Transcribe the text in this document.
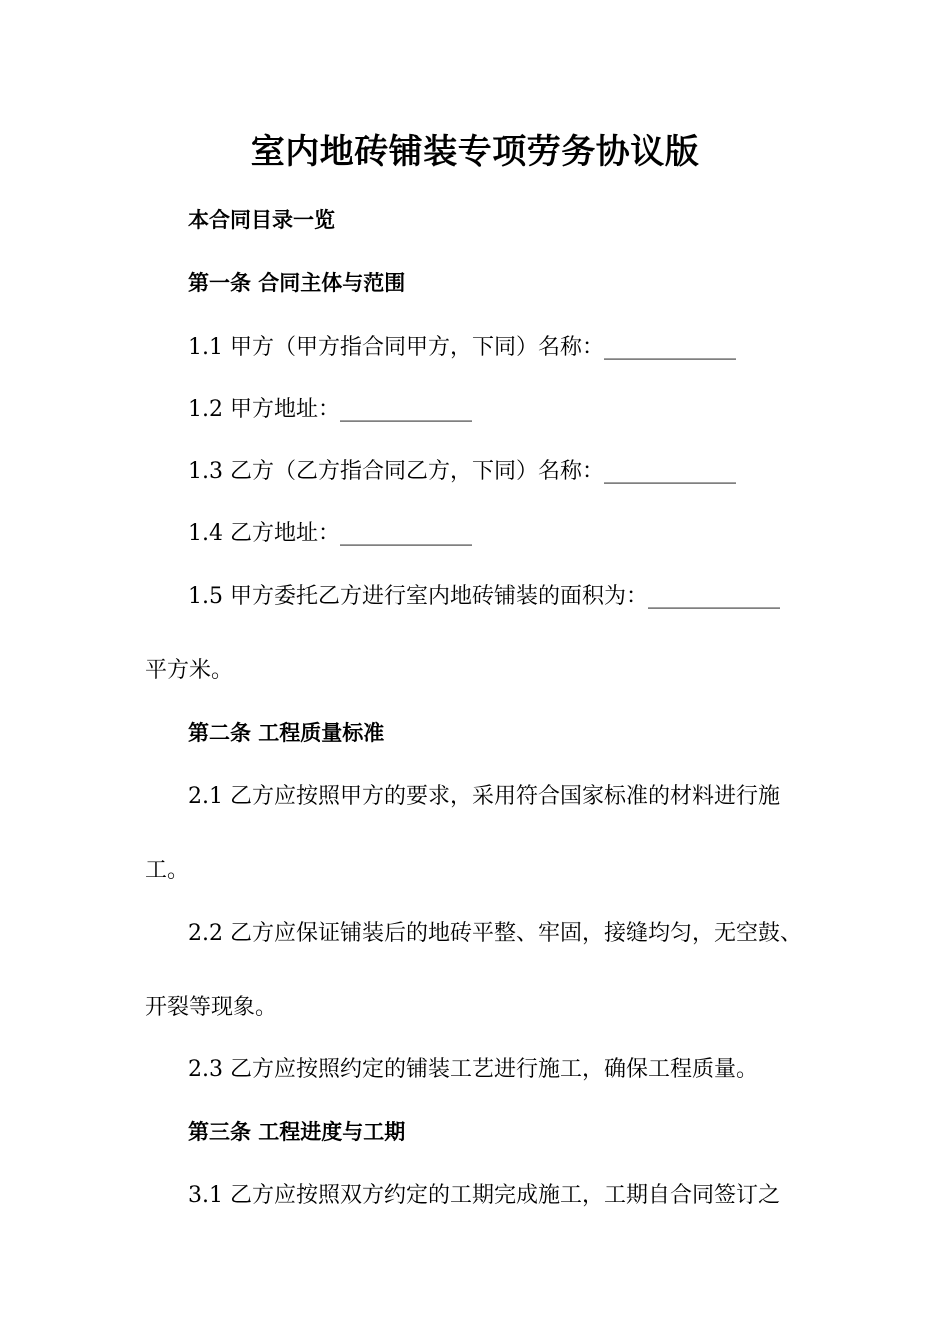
室内地砖铺装专项劳务协议版

本合同目录一览

第一条 合同主体与范围

1.1 甲方（甲方指合同甲方，下同）名称：____________

1.2 甲方地址：____________

1.3 乙方（乙方指合同乙方，下同）名称：____________

1.4 乙方地址：____________

1.5 甲方委托乙方进行室内地砖铺装的面积为：____________

平方米。

第二条 工程质量标准

2.1 乙方应按照甲方的要求，采用符合国家标准的材料进行施

工。

2.2 乙方应保证铺装后的地砖平整、牢固，接缝均匀，无空鼓、

开裂等现象。

2.3 乙方应按照约定的铺装工艺进行施工，确保工程质量。

第三条 工程进度与工期

3.1 乙方应按照双方约定的工期完成施工，工期自合同签订之
